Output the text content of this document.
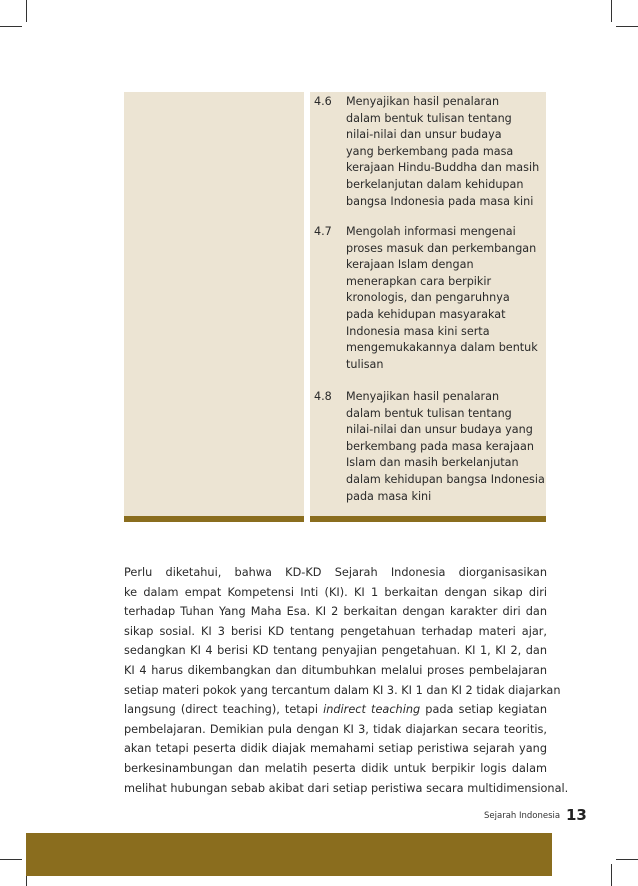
4.6 Menyajikan hasil penalaran
dalam bentuk tulisan tentang
nilai-nilai dan unsur budaya
yang berkembang pada masa
kerajaan Hindu-Buddha dan masih
berkelanjutan dalam kehidupan
bangsa Indonesia pada masa kini
4.7 Mengolah informasi mengenai
proses masuk dan perkembangan
kerajaan Islam dengan
menerapkan cara berpikir
kronologis, dan pengaruhnya
pada kehidupan masyarakat
Indonesia masa kini serta
mengemukakannya dalam bentuk
tulisan
4.8 Menyajikan hasil penalaran
dalam bentuk tulisan tentang
nilai-nilai dan unsur budaya yang
berkembang pada masa kerajaan
Islam dan masih berkelanjutan
dalam kehidupan bangsa Indonesia
pada masa kini
Perlu diketahui, bahwa KD-KD Sejarah Indonesia diorganisasikan
ke dalam empat Kompetensi Inti (KI). KI 1 berkaitan dengan sikap diri
terhadap Tuhan Yang Maha Esa. KI 2 berkaitan dengan karakter diri dan
sikap sosial. KI 3 berisi KD tentang pengetahuan terhadap materi ajar,
sedangkan KI 4 berisi KD tentang penyajian pengetahuan. KI 1, KI 2, dan
KI 4 harus dikembangkan dan ditumbuhkan melalui proses pembelajaran
setiap materi pokok yang tercantum dalam KI 3. KI 1 dan KI 2 tidak diajarkan
langsung (direct teaching), tetapi indirect teaching pada setiap kegiatan
pembelajaran. Demikian pula dengan KI 3, tidak diajarkan secara teoritis,
akan tetapi peserta didik diajak memahami setiap peristiwa sejarah yang
berkesinambungan dan melatih peserta didik untuk berpikir logis dalam
melihat hubungan sebab akibat dari setiap peristiwa secara multidimensional.
Sejarah Indonesia 13
